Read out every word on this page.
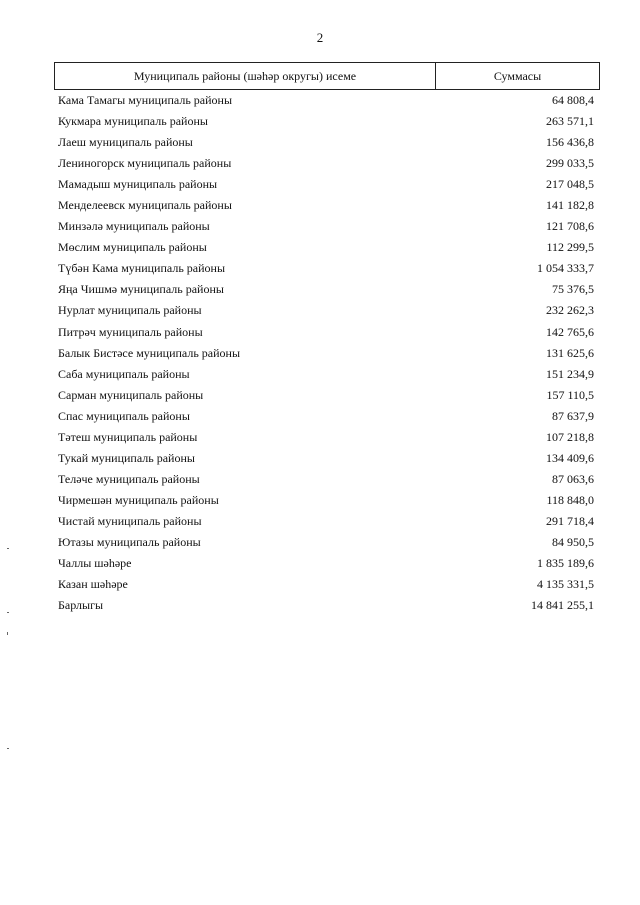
2
Муниципаль районы (шәһәр округы) исеме	Суммасы
Кама Тамагы муниципаль районы	64 808,4
Кукмара муниципаль районы	263 571,1
Лаеш муниципаль районы	156 436,8
Лениногорск муниципаль районы	299 033,5
Мамадыш муниципаль районы	217 048,5
Менделеевск муниципаль районы	141 182,8
Минзәлә муниципаль районы	121 708,6
Мөслим муниципаль районы	112 299,5
Түбән Кама муниципаль районы	1 054 333,7
Яңа Чишмә муниципаль районы	75 376,5
Нурлат муниципаль районы	232 262,3
Питрәч муниципаль районы	142 765,6
Балык Бистәсе муниципаль районы	131 625,6
Саба муниципаль районы	151 234,9
Сарман муниципаль районы	157 110,5
Спас муниципаль районы	87 637,9
Тәтеш муниципаль районы	107 218,8
Тукай муниципаль районы	134 409,6
Теләче муниципаль районы	87 063,6
Чирмешән муниципаль районы	118 848,0
Чистай муниципаль районы	291 718,4
Ютазы муниципаль районы	84 950,5
Чаллы шәһәре	1 835 189,6
Казан шәһәре	4 135 331,5
Барлыгы	14 841 255,1
